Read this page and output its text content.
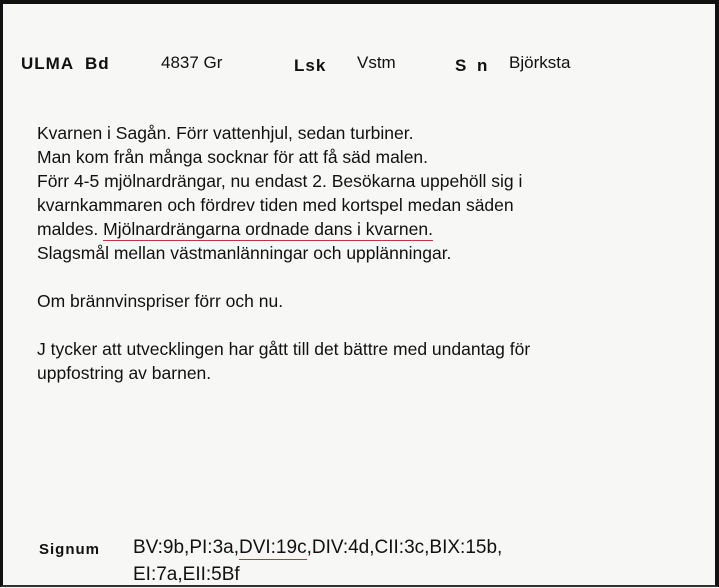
ULMA Bd	4837 Gr	Lsk Vstm	S n Björksta
Kvarnen i Sagån. Förr vattenhjul, sedan turbiner.
Man kom från många socknar för att få säd malen.
Förr 4-5 mjölnardrängar, nu endast 2. Besökarna uppehöll sig i
kvarnkammaren och fördrev tiden med kortspel medan säden
maldes. Mjölnardrängarna ordnade dans i kvarnen.
Slagsmål mellan västmanlänningar och upplänningar.
Om brännvinspriser förr och nu.
J tycker att utvecklingen har gått till det bättre med undantag för
uppfostring av barnen.
Signum BV:9b,PI:3a,DVI:19c,DIV:4d,CII:3c,BIX:15b,
EI:7a,EII:5Bf
